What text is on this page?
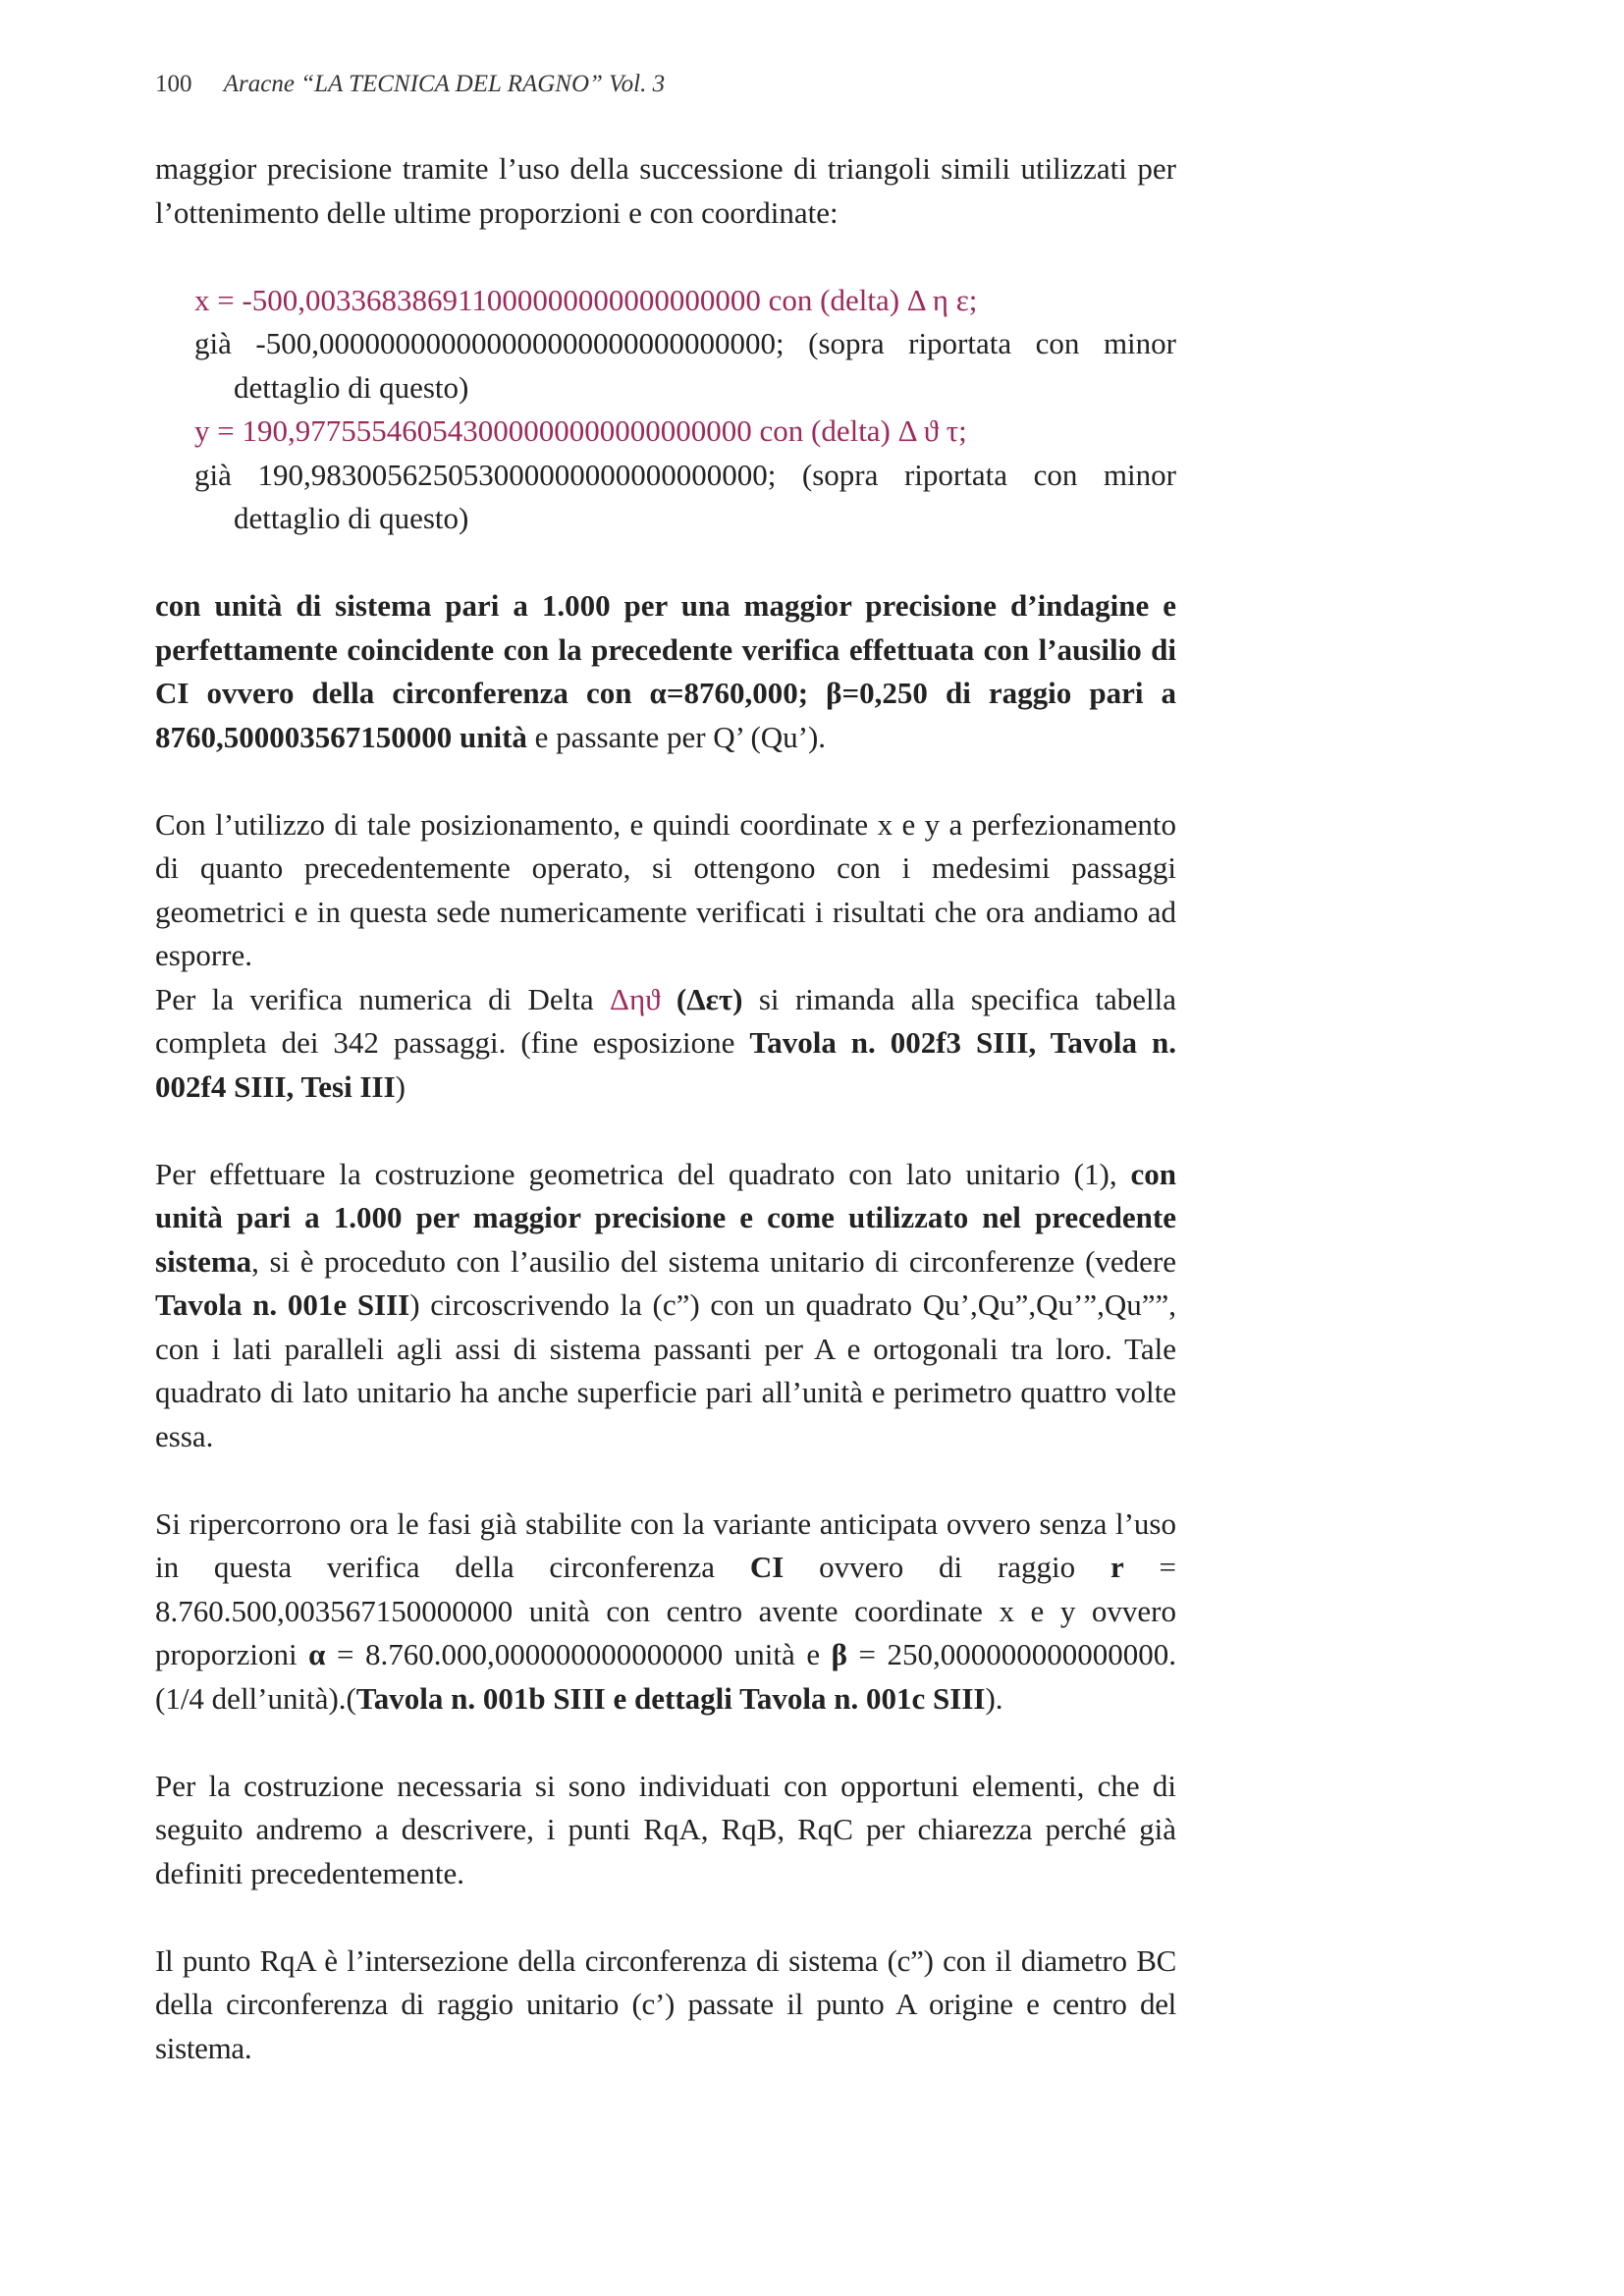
100 Aracne “LA TECNICA DEL RAGNO” Vol. 3

maggior precisione tramite l’uso della successione di triangoli simili utilizzati per l’ottenimento delle ultime proporzioni e con coordinate:

x = -500,003368386911000000000000000000 con (delta) Δ η ε;

già -500,000000000000000000000000000000; (sopra riportata con minor dettaglio di questo)

y = 190,977555460543000000000000000000 con (delta) Δ ϑ τ;

già 190,983005625053000000000000000000; (sopra riportata con minor dettaglio di questo)

con unità di sistema pari a 1.000 per una maggior precisione d’indagine e perfettamente coincidente con la precedente verifica effettuata con l’ausilio di CI ovvero della circonferenza con α=8760,000; β=0,250 di raggio pari a 8760,500003567150000 unità e passante per Q’ (Qu’).

Con l’utilizzo di tale posizionamento, e quindi coordinate x e y a perfezionamento di quanto precedentemente operato, si ottengono con i medesimi passaggi geometrici e in questa sede numericamente verificati i risultati che ora andiamo ad esporre.

Per la verifica numerica di Delta Δηϑ (Δετ) si rimanda alla specifica tabella completa dei 342 passaggi. (fine esposizione Tavola n. 002f3 SIII, Tavola n. 002f4 SIII, Tesi III)

Per effettuare la costruzione geometrica del quadrato con lato unitario (1), con unità pari a 1.000 per maggior precisione e come utilizzato nel precedente sistema, si è proceduto con l’ausilio del sistema unitario di circonferenze (vedere Tavola n. 001e SIII) circoscrivendo la (c”) con un quadrato Qu’,Qu”,Qu’”,Qu””, con i lati paralleli agli assi di sistema passanti per A e ortogonali tra loro. Tale quadrato di lato unitario ha anche superficie pari all’unità e perimetro quattro volte essa.

Si ripercorrono ora le fasi già stabilite con la variante anticipata ovvero senza l’uso in questa verifica della circonferenza CI ovvero di raggio r = 8.760.500,003567150000000 unità con centro avente coordinate x e y ovvero proporzioni α = 8.760.000,000000000000000 unità e β = 250,000000000000000. (1/4 dell’unità).(Tavola n. 001b SIII e dettagli Tavola n. 001c SIII).

Per la costruzione necessaria si sono individuati con opportuni elementi, che di seguito andremo a descrivere, i punti RqA, RqB, RqC per chiarezza perché già definiti precedentemente.

Il punto RqA è l’intersezione della circonferenza di sistema (c”) con il diametro BC della circonferenza di raggio unitario (c’) passate il punto A origine e centro del sistema.
